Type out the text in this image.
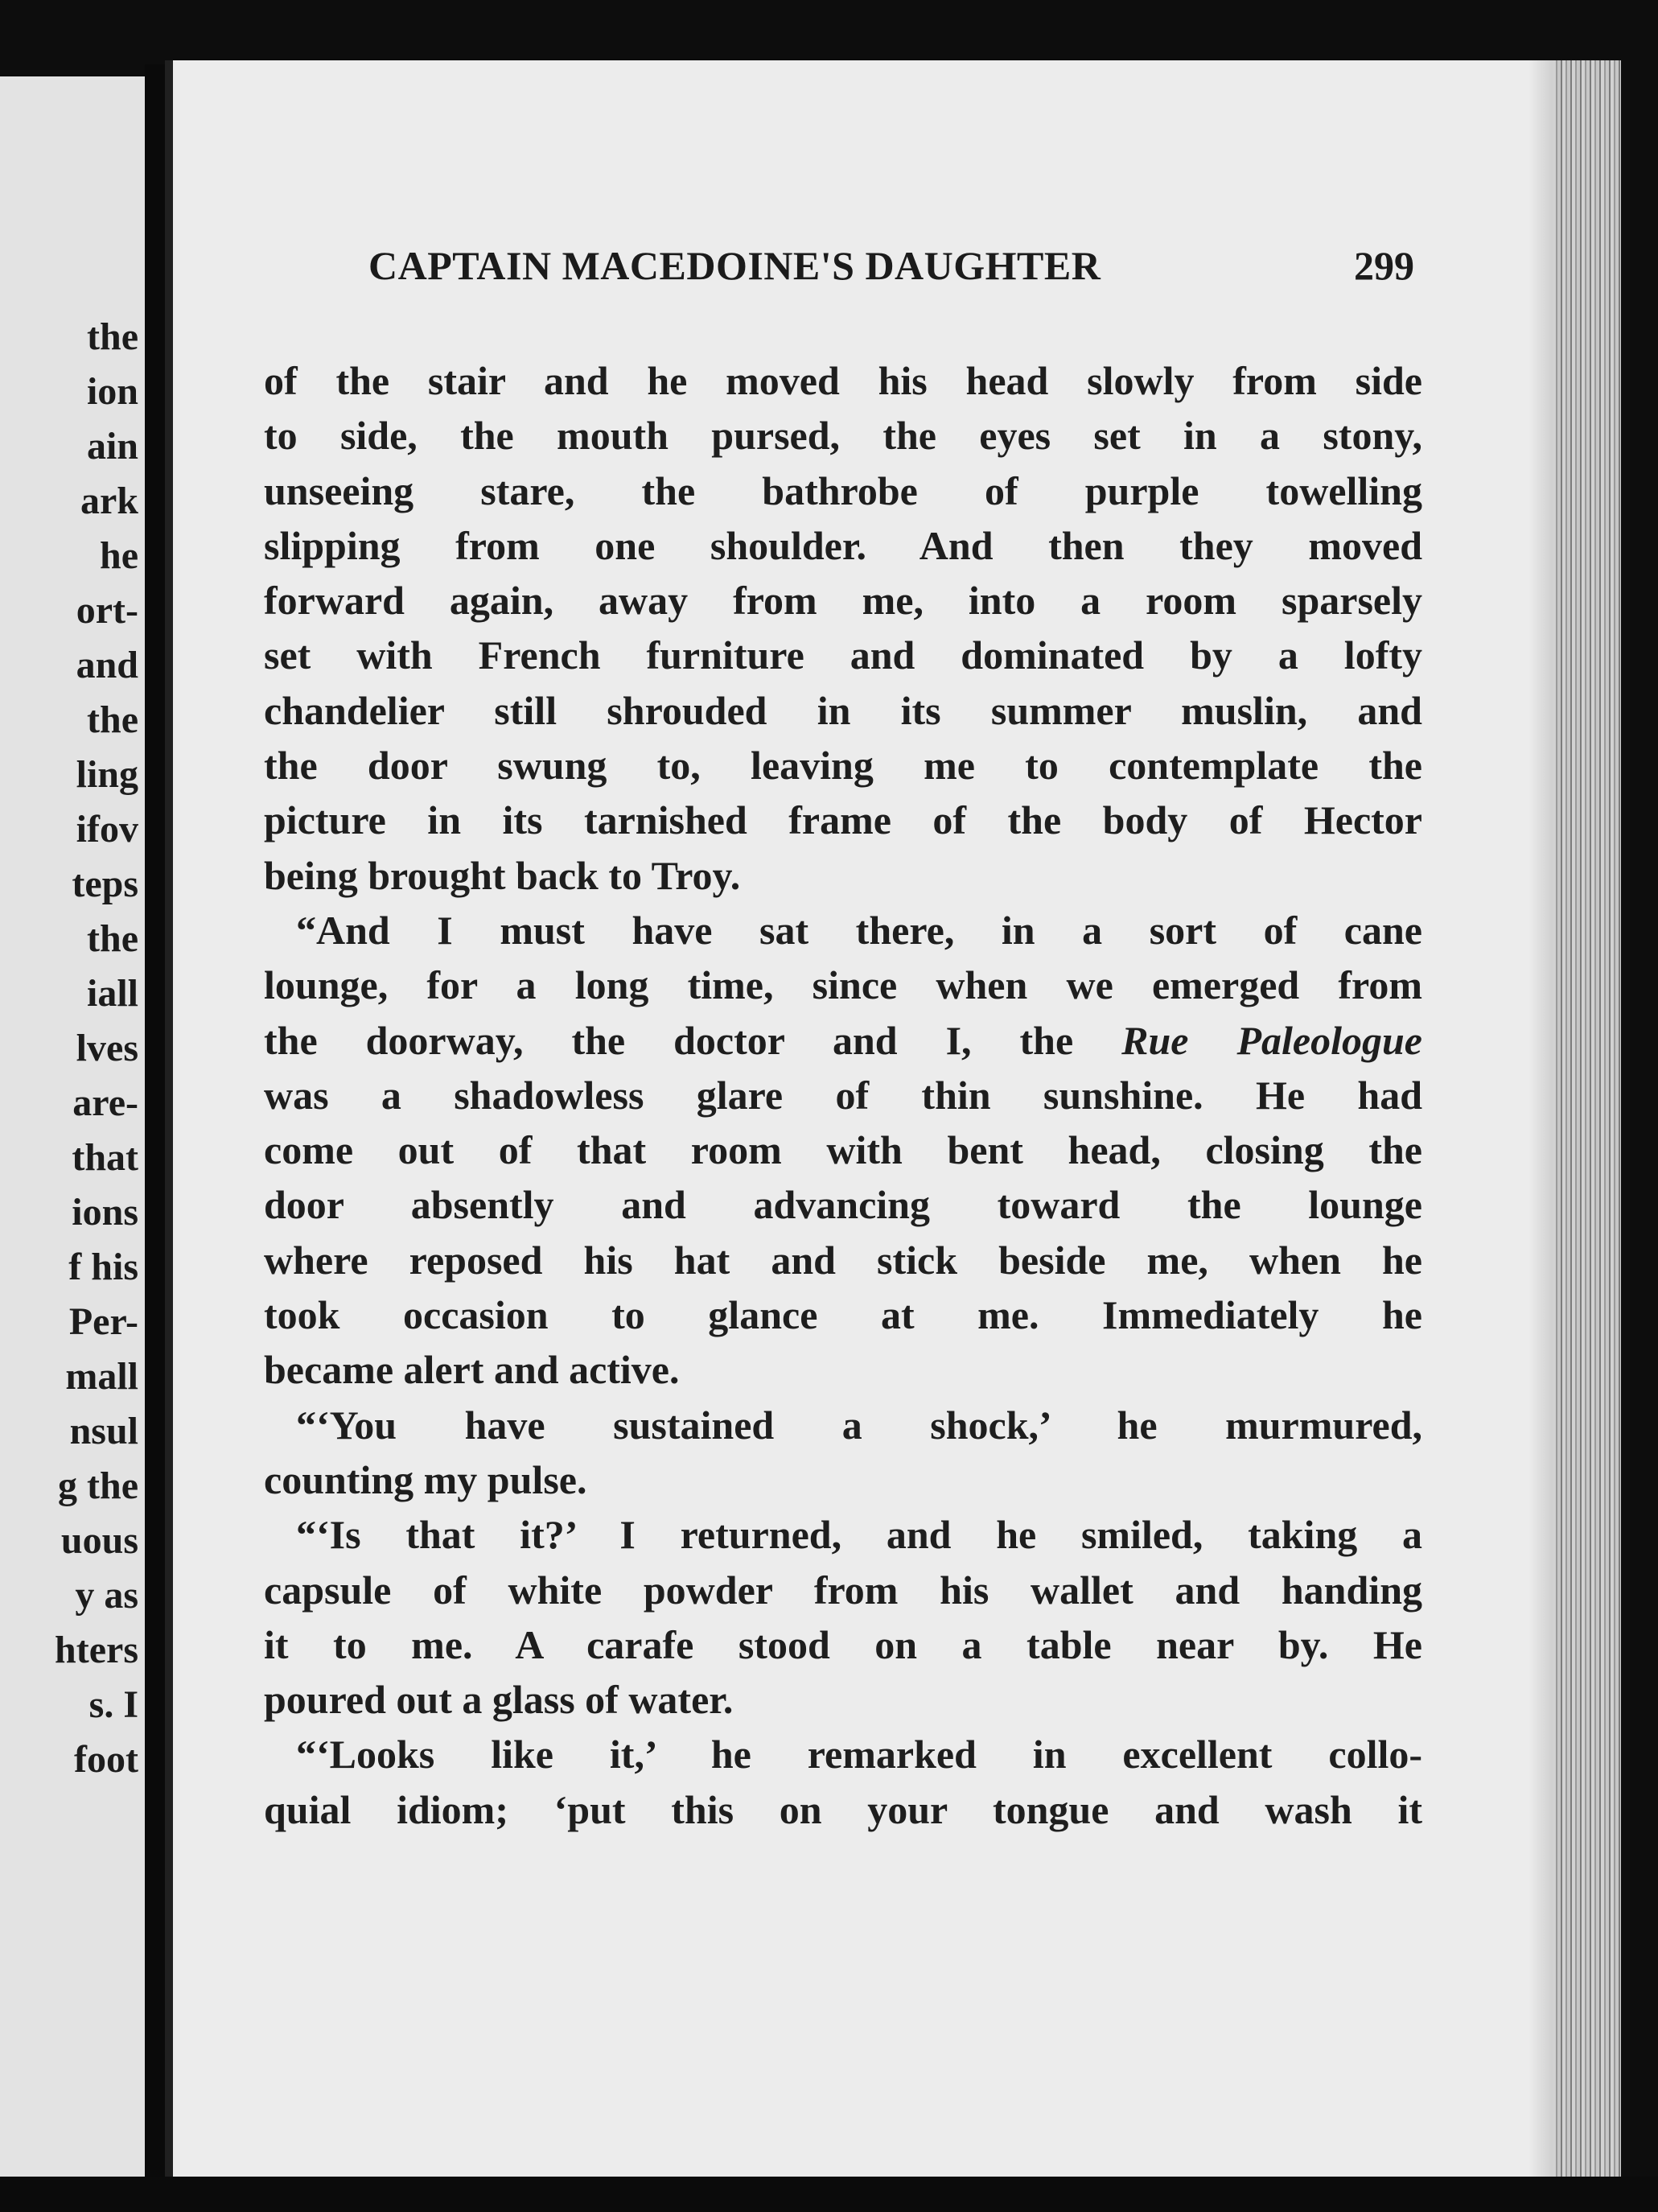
the
ion
ain
ark
he
ort-
and
the
ling
ifov
teps
the
iall
lves
are-
that
ions
f his
Per-
mall
nsul
g the
uous
y as
hters
s. I
foot
CAPTAIN MACEDOINE'S DAUGHTER	299
of the stair and he moved his head slowly from side
to side, the mouth pursed, the eyes set in a stony,
unseeing stare, the bathrobe of purple towelling
slipping from one shoulder. And then they moved
forward again, away from me, into a room sparsely
set with French furniture and dominated by a lofty
chandelier still shrouded in its summer muslin, and
the door swung to, leaving me to contemplate the
picture in its tarnished frame of the body of Hector
being brought back to Troy.
“And I must have sat there, in a sort of cane
lounge, for a long time, since when we emerged from
the doorway, the doctor and I, the Rue Paleologue
was a shadowless glare of thin sunshine. He had
come out of that room with bent head, closing the
door absently and advancing toward the lounge
where reposed his hat and stick beside me, when he
took occasion to glance at me. Immediately he
became alert and active.
“‘You have sustained a shock,’ he murmured,
counting my pulse.
“‘Is that it?’ I returned, and he smiled, taking a
capsule of white powder from his wallet and handing
it to me. A carafe stood on a table near by. He
poured out a glass of water.
“‘Looks like it,’ he remarked in excellent collo-
quial idiom; ‘put this on your tongue and wash it
